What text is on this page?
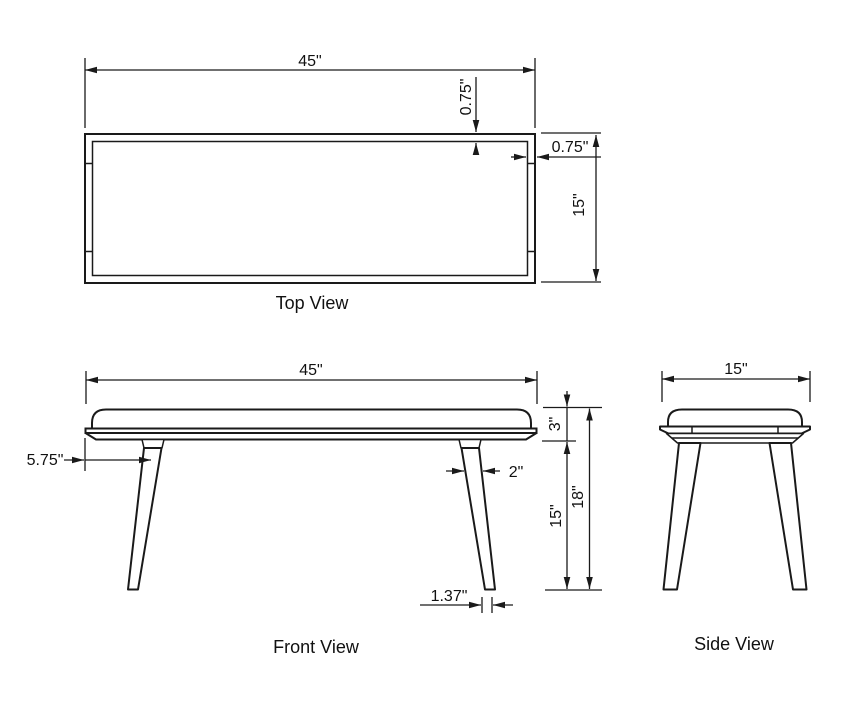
45"
0.75"
0.75"
15"
Top View
45"
5.75"
2"
1.37"
3"
15"
18"
Front View
15"
Side View
